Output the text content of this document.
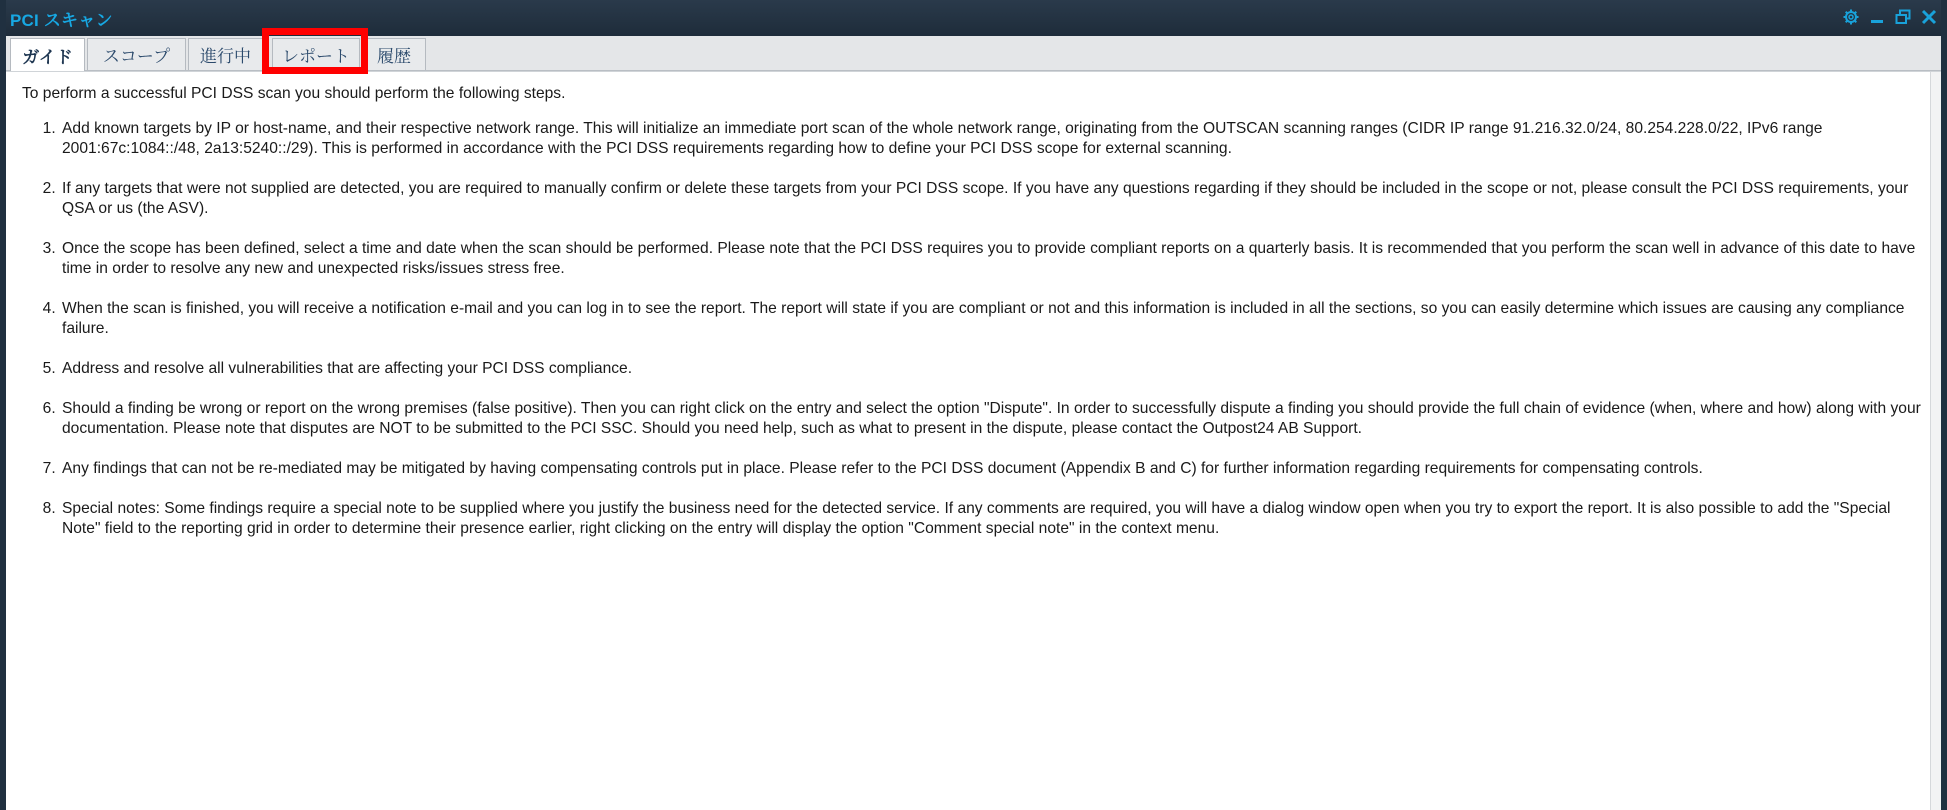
PCI スキャン
ガイド	スコープ	進行中	レポート	履歴

To perform a successful PCI DSS scan you should perform the following steps.

1. Add known targets by IP or host-name, and their respective network range. This will initialize an immediate port scan of the whole network range, originating from the OUTSCAN scanning ranges (CIDR IP range 91.216.32.0/24, 80.254.228.0/22, IPv6 range 2001:67c:1084::/48, 2a13:5240::/29). This is performed in accordance with the PCI DSS requirements regarding how to define your PCI DSS scope for external scanning.
2. If any targets that were not supplied are detected, you are required to manually confirm or delete these targets from your PCI DSS scope. If you have any questions regarding if they should be included in the scope or not, please consult the PCI DSS requirements, your QSA or us (the ASV).
3. Once the scope has been defined, select a time and date when the scan should be performed. Please note that the PCI DSS requires you to provide compliant reports on a quarterly basis. It is recommended that you perform the scan well in advance of this date to have time in order to resolve any new and unexpected risks/issues stress free.
4. When the scan is finished, you will receive a notification e-mail and you can log in to see the report. The report will state if you are compliant or not and this information is included in all the sections, so you can easily determine which issues are causing any compliance failure.
5. Address and resolve all vulnerabilities that are affecting your PCI DSS compliance.
6. Should a finding be wrong or report on the wrong premises (false positive). Then you can right click on the entry and select the option "Dispute". In order to successfully dispute a finding you should provide the full chain of evidence (when, where and how) along with your documentation. Please note that disputes are NOT to be submitted to the PCI SSC. Should you need help, such as what to present in the dispute, please contact the Outpost24 AB Support.
7. Any findings that can not be re-mediated may be mitigated by having compensating controls put in place. Please refer to the PCI DSS document (Appendix B and C) for further information regarding requirements for compensating controls.
8. Special notes: Some findings require a special note to be supplied where you justify the business need for the detected service. If any comments are required, you will have a dialog window open when you try to export the report. It is also possible to add the "Special Note" field to the reporting grid in order to determine their presence earlier, right clicking on the entry will display the option "Comment special note" in the context menu.
